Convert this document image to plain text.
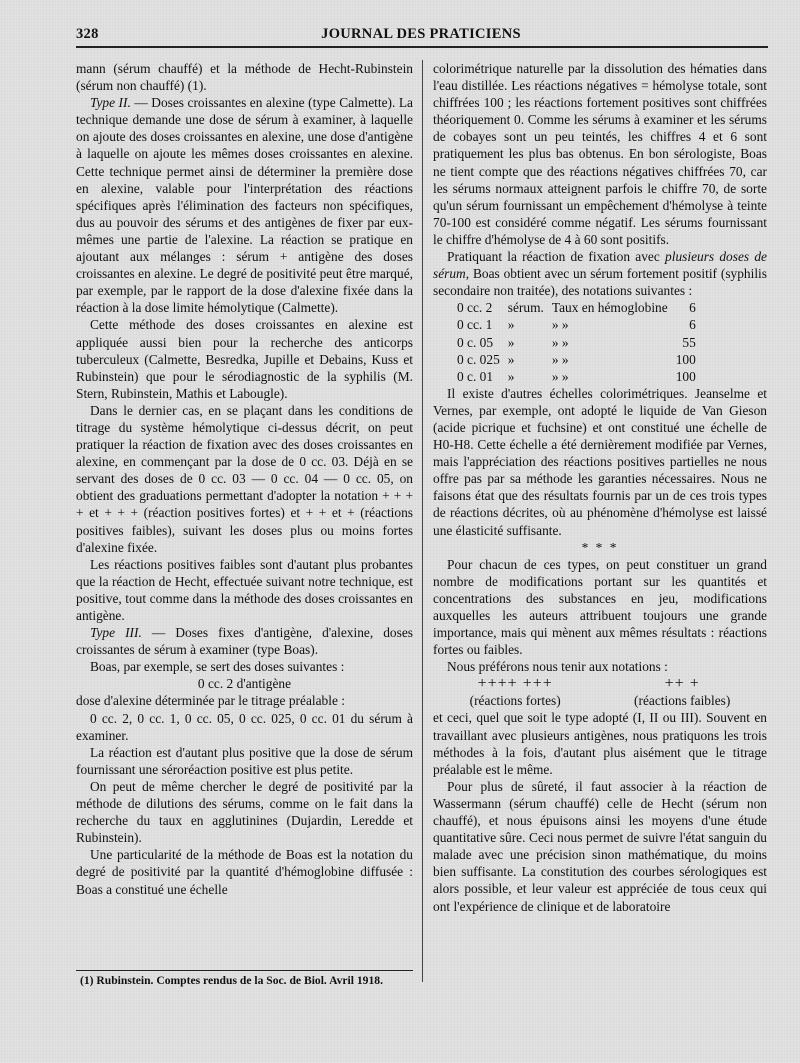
328	JOURNAL DES PRATICIENS

mann (sérum chauffé) et la méthode de Hecht-Rubinstein (sérum non chauffé) (1).

Type II. — Doses croissantes en alexine (type Calmette). La technique demande une dose de sérum à examiner, à laquelle on ajoute des doses croissantes en alexine, une dose d'antigène à laquelle on ajoute les mêmes doses croissantes en alexine. Cette technique permet ainsi de déterminer la première dose en alexine, valable pour l'interprétation des réactions spécifiques après l'élimination des facteurs non spécifiques, dus au pouvoir des sérums et des antigènes de fixer par eux-mêmes une partie de l'alexine. La réaction se pratique en ajoutant aux mélanges : sérum + antigène des doses croissantes en alexine. Le degré de positivité peut être marqué, par exemple, par le rapport de la dose d'alexine fixée dans la réaction à la dose limite hémolytique (Calmette).

Cette méthode des doses croissantes en alexine est appliquée aussi bien pour la recherche des anticorps tuberculeux (Calmette, Besredka, Jupille et Debains, Kuss et Rubinstein) que pour le sérodiagnostic de la syphilis (M. Stern, Rubinstein, Mathis et Labougle).

Dans le dernier cas, en se plaçant dans les conditions de titrage du système hémolytique ci-dessus décrit, on peut pratiquer la réaction de fixation avec des doses croissantes en alexine, en commençant par la dose de 0 cc. 03. Déjà en se servant des doses de 0 cc. 03 — 0 cc. 04 — 0 cc. 05, on obtient des graduations permettant d'adopter la notation + + + + et + + + (réaction positives fortes) et + + et + (réactions positives faibles), suivant les doses plus ou moins fortes d'alexine fixée.

Les réactions positives faibles sont d'autant plus probantes que la réaction de Hecht, effectuée suivant notre technique, est positive, tout comme dans la méthode des doses croissantes en antigène.

Type III. — Doses fixes d'antigène, d'alexine, doses croissantes de sérum à examiner (type Boas).

Boas, par exemple, se sert des doses suivantes :

0 cc. 2 d'antigène

dose d'alexine déterminée par le titrage préalable :

0 cc. 2, 0 cc. 1, 0 cc. 05, 0 cc. 025, 0 cc. 01 du sérum à examiner.

La réaction est d'autant plus positive que la dose de sérum fournissant une séroréaction positive est plus petite.

On peut de même chercher le degré de positivité par la méthode de dilutions des sérums, comme on le fait dans la recherche du taux en agglutinines (Dujardin, Leredde et Rubinstein).

Une particularité de la méthode de Boas est la notation du degré de positivité par la quantité d'hémoglobine diffusée : Boas a constitué une échelle

colorimétrique naturelle par la dissolution des hématies dans l'eau distillée. Les réactions négatives = hémolyse totale, sont chiffrées 100 ; les réactions fortement positives sont chiffrées théoriquement 0. Comme les sérums à examiner et les sérums de cobayes sont un peu teintés, les chiffres 4 et 6 sont pratiquement les plus bas obtenus. En bon sérologiste, Boas ne tient compte que des réactions négatives chiffrées 70, car les sérums normaux atteignent parfois le chiffre 70, de sorte qu'un sérum fournissant un empêchement d'hémolyse à teinte 70-100 est considéré comme négatif. Les sérums fournissant le chiffre d'hémolyse de 4 à 60 sont positifs.

Pratiquant la réaction de fixation avec plusieurs doses de sérum, Boas obtient avec un sérum fortement positif (syphilis secondaire non traitée), des notations suivantes :

0 cc. 2	sérum.	Taux en hémoglobine	6
0 cc. 1	»	» »	6
0 c. 05	»	» »	55
0 c. 025	»	» »	100
0 c. 01	»	» »	100

Il existe d'autres échelles colorimétriques. Jeanselme et Vernes, par exemple, ont adopté le liquide de Van Gieson (acide picrique et fuchsine) et ont constitué une échelle de H0-H8. Cette échelle a été dernièrement modifiée par Vernes, mais l'appréciation des réactions positives partielles ne nous offre pas par sa méthode les garanties nécessaires. Nous ne faisons état que des résultats fournis par un de ces trois types de réactions décrites, où au phénomène d'hémolyse est laissé une élasticité suffisante.

* * *

Pour chacun de ces types, on peut constituer un grand nombre de modifications portant sur les quantités et concentrations des substances en jeu, modifications auxquelles les auteurs attribuent toujours une grande importance, mais qui mènent aux mêmes résultats : réactions fortes ou faibles.

Nous préférons nous tenir aux notations :

++++ +++
(réactions fortes)
++ +
(réactions faibles)

et ceci, quel que soit le type adopté (I, II ou III). Souvent en travaillant avec plusieurs antigènes, nous pratiquons les trois méthodes à la fois, d'autant plus aisément que le titrage préalable est le même.

Pour plus de sûreté, il faut associer à la réaction de Wassermann (sérum chauffé) celle de Hecht (sérum non chauffé), et nous épuisons ainsi les moyens d'une étude quantitative sûre. Ceci nous permet de suivre l'état sanguin du malade avec une précision sinon mathématique, du moins bien suffisante. La constitution des courbes sérologiques est alors possible, et leur valeur est appréciée de tous ceux qui ont l'expérience de clinique et de laboratoire

(1) Rubinstein. Comptes rendus de la Soc. de Biol. Avril 1918.
